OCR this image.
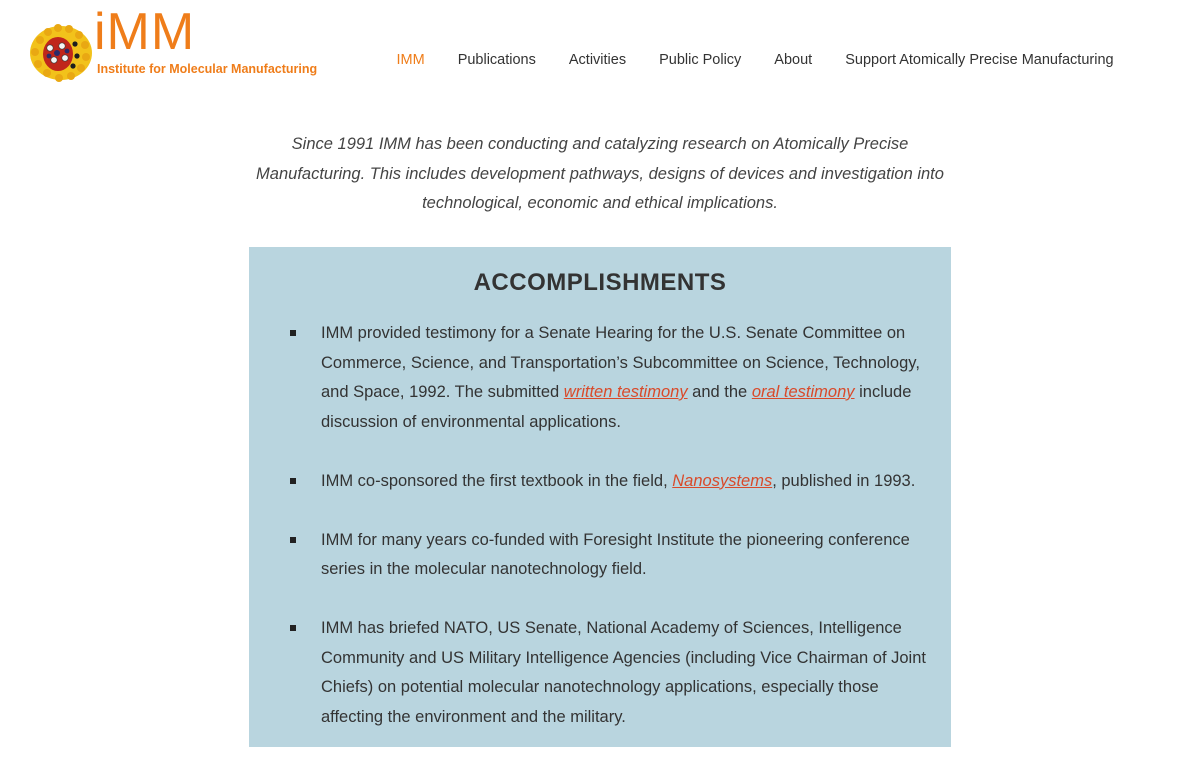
iMM
Institute for Molecular Manufacturing
IMM	Publications	Activities	Public Policy	About	Support Atomically Precise Manufacturing

Since 1991 IMM has been conducting and catalyzing research on Atomically Precise Manufacturing. This includes development pathways, designs of devices and investigation into technological, economic and ethical implications.

ACCOMPLISHMENTS
IMM provided testimony for a Senate Hearing for the U.S. Senate Committee on Commerce, Science, and Transportation’s Subcommittee on Science, Technology, and Space, 1992. The submitted written testimony and the oral testimony include discussion of environmental applications.
IMM co-sponsored the first textbook in the field, Nanosystems, published in 1993.
IMM for many years co-funded with Foresight Institute the pioneering conference series in the molecular nanotechnology field.
IMM has briefed NATO, US Senate, National Academy of Sciences, Intelligence Community and US Military Intelligence Agencies (including Vice Chairman of Joint Chiefs) on potential molecular nanotechnology applications, especially those affecting the environment and the military.
